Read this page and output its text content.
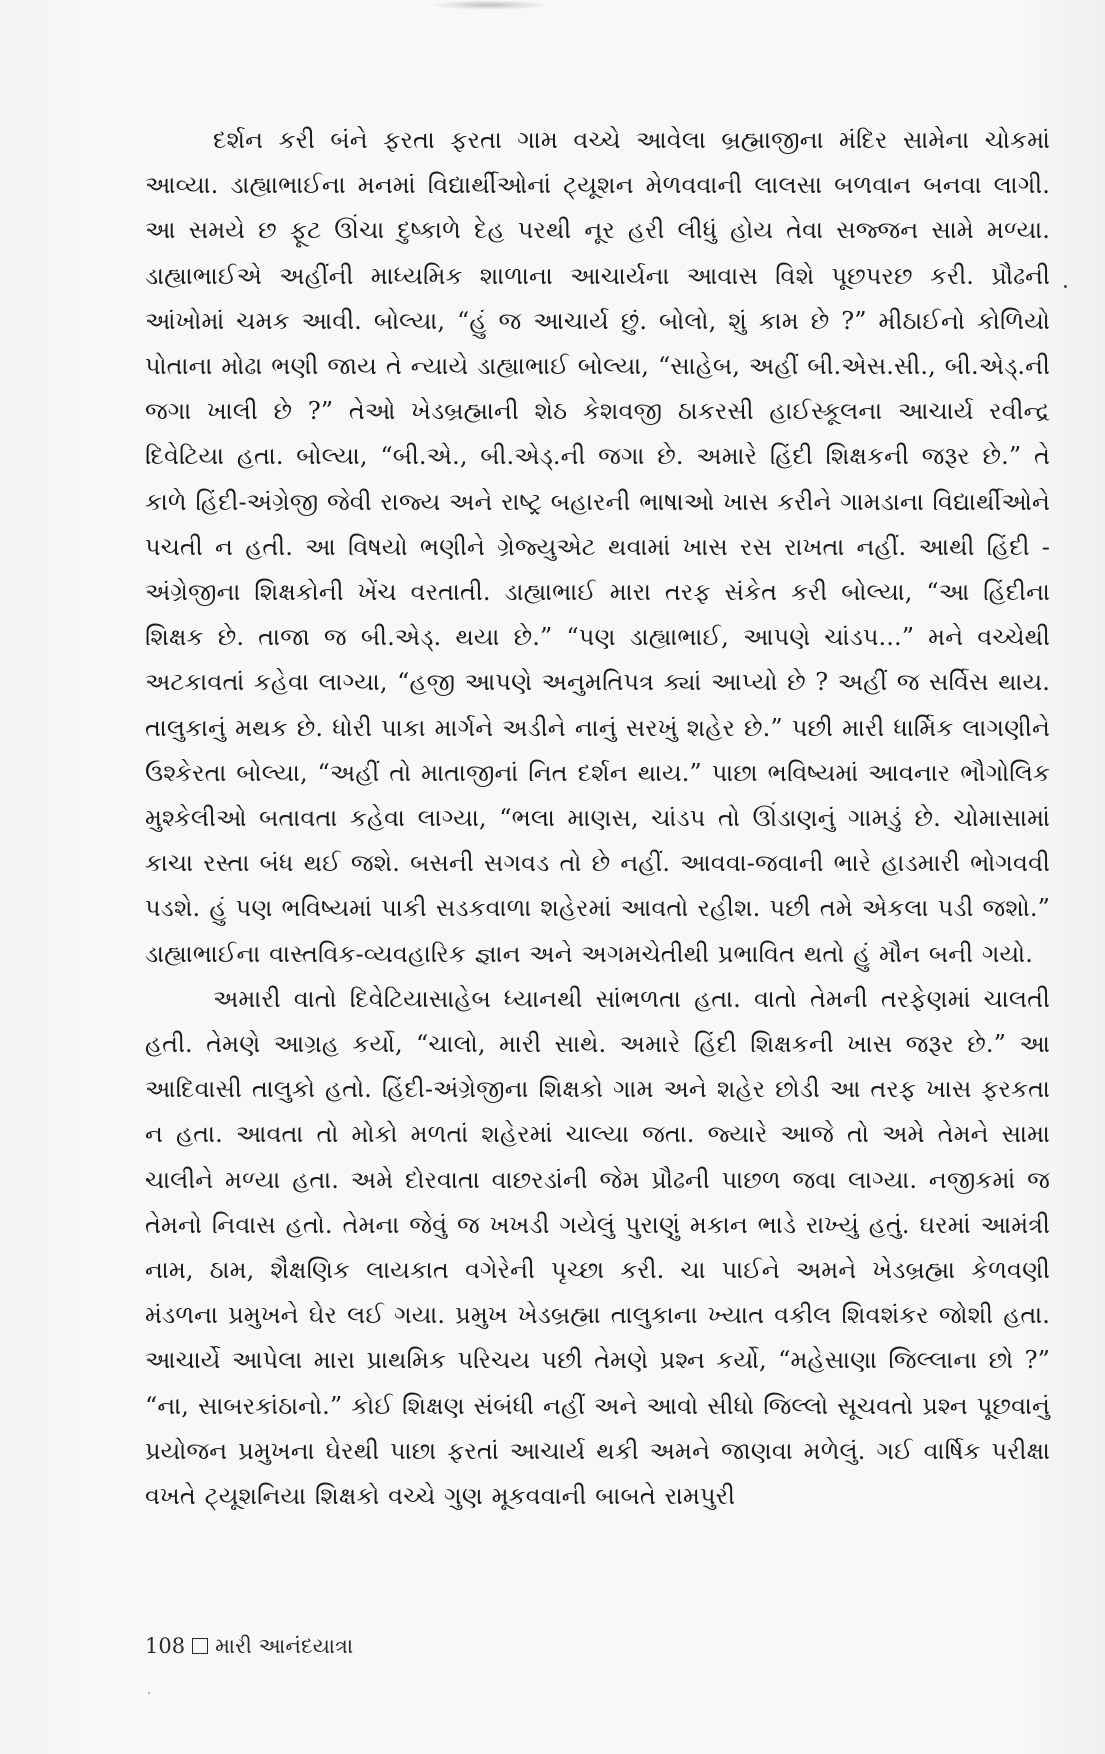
દર્શન કરી બંને ફરતા ફરતા ગામ વચ્ચે આવેલા બ્રહ્માજીના મંદિર સામેના ચોકમાં આવ્યા. ડાહ્યાભાઈના મનમાં વિદ્યાર્થીઓનાં ટ્યૂશન મેળવવાની લાલસા બળવાન બનવા લાગી. આ સમયે છ ફૂટ ઊંચા દુષ્કાળે દેહ પરથી નૂર હરી લીધું હોય તેવા સજ્જન સામે મળ્યા. ડાહ્યાભાઈએ અહીંની માધ્યમિક શાળાના આચાર્યના આવાસ વિશે પૂછપરછ કરી. પ્રૌઢની આંખોમાં ચમક આવી. બોલ્યા, “હું જ આચાર્ય છું. બોલો, શું કામ છે ?” મીઠાઈનો કોળિયો પોતાના મોઢા ભણી જાય તે ન્યાયે ડાહ્યાભાઈ બોલ્યા, “સાહેબ, અહીં બી.એસ.સી., બી.એડ્.ની જગા ખાલી છે ?” તેઓ ખેડબ્રહ્માની શેઠ કેશવજી ઠાકરસી હાઈસ્કૂલના આચાર્ય રવીન્દ્ર દિવેટિયા હતા. બોલ્યા, “બી.એ., બી.એડ્.ની જગા છે. અમારે હિંદી શિક્ષકની જરૂર છે.” તે કાળે હિંદી-અંગ્રેજી જેવી રાજ્ય અને રાષ્ટ્ર બહારની ભાષાઓ ખાસ કરીને ગામડાના વિદ્યાર્થીઓને પચતી ન હતી. આ વિષયો ભણીને ગ્રેજ્યુએટ થવામાં ખાસ રસ રાખતા નહીં. આથી હિંદી - અંગ્રેજીના શિક્ષકોની ખેંચ વરતાતી. ડાહ્યાભાઈ મારા તરફ સંકેત કરી બોલ્યા, “આ હિંદીના શિક્ષક છે. તાજા જ બી.એડ્. થયા છે.” “પણ ડાહ્યાભાઈ, આપણે ચાંડપ...” મને વચ્ચેથી અટકાવતાં કહેવા લાગ્યા, “હજી આપણે અનુમતિપત્ર ક્યાં આપ્યો છે ? અહીં જ સર્વિસ થાય. તાલુકાનું મથક છે. ધોરી પાકા માર્ગને અડીને નાનું સરખું શહેર છે.” પછી મારી ધાર્મિક લાગણીને ઉશ્કેરતા બોલ્યા, “અહીં તો માતાજીનાં નિત દર્શન થાય.” પાછા ભવિષ્યમાં આવનાર ભૌગોલિક મુશ્કેલીઓ બતાવતા કહેવા લાગ્યા, “ભલા માણસ, ચાંડપ તો ઊંડાણનું ગામડું છે. ચોમાસામાં કાચા રસ્તા બંધ થઈ જશે. બસની સગવડ તો છે નહીં. આવવા-જવાની ભારે હાડમારી ભોગવવી પડશે. હું પણ ભવિષ્યમાં પાકી સડકવાળા શહેરમાં આવતો રહીશ. પછી તમે એકલા પડી જશો.” ડાહ્યાભાઈના વાસ્તવિક-વ્યવહારિક જ્ઞાન અને અગમચેતીથી પ્રભાવિત થતો હું મૌન બની ગયો.

અમારી વાતો દિવેટિયાસાહેબ ધ્યાનથી સાંભળતા હતા. વાતો તેમની તરફેણમાં ચાલતી હતી. તેમણે આગ્રહ કર્યો, “ચાલો, મારી સાથે. અમારે હિંદી શિક્ષકની ખાસ જરૂર છે.” આ આદિવાસી તાલુકો હતો. હિંદી-અંગ્રેજીના શિક્ષકો ગામ અને શહેર છોડી આ તરફ ખાસ ફરકતા ન હતા. આવતા તો મોકો મળતાં શહેરમાં ચાલ્યા જતા. જ્યારે આજે તો અમે તેમને સામા ચાલીને મળ્યા હતા. અમે દોરવાતા વાછરડાંની જેમ પ્રૌઢની પાછળ જવા લાગ્યા. નજીકમાં જ તેમનો નિવાસ હતો. તેમના જેવું જ ખખડી ગયેલું પુરાણું મકાન ભાડે રાખ્યું હતું. ઘરમાં આમંત્રી નામ, ઠામ, શૈક્ષણિક લાયકાત વગેરેની પૃચ્છા કરી. ચા પાઈને અમને ખેડબ્રહ્મા કેળવણી મંડળના પ્રમુખને ઘેર લઈ ગયા. પ્રમુખ ખેડબ્રહ્મા તાલુકાના ખ્યાત વકીલ શિવશંકર જોશી હતા. આચાર્યે આપેલા મારા પ્રાથમિક પરિચય પછી તેમણે પ્રશ્ન કર્યો, “મહેસાણા જિલ્લાના છો ?” “ના, સાબરકાંઠાનો.” કોઈ શિક્ષણ સંબંધી નહીં અને આવો સીધો જિલ્લો સૂચવતો પ્રશ્ન પૂછવાનું પ્રયોજન પ્રમુખના ઘેરથી પાછા ફરતાં આચાર્ય થકી અમને જાણવા મળેલું. ગઈ વાર્ષિક પરીક્ષા વખતે ટ્યૂશનિયા શિક્ષકો વચ્ચે ગુણ મૂકવવાની બાબતે રામપુરી

108 મારી આનંદયાત્રા
